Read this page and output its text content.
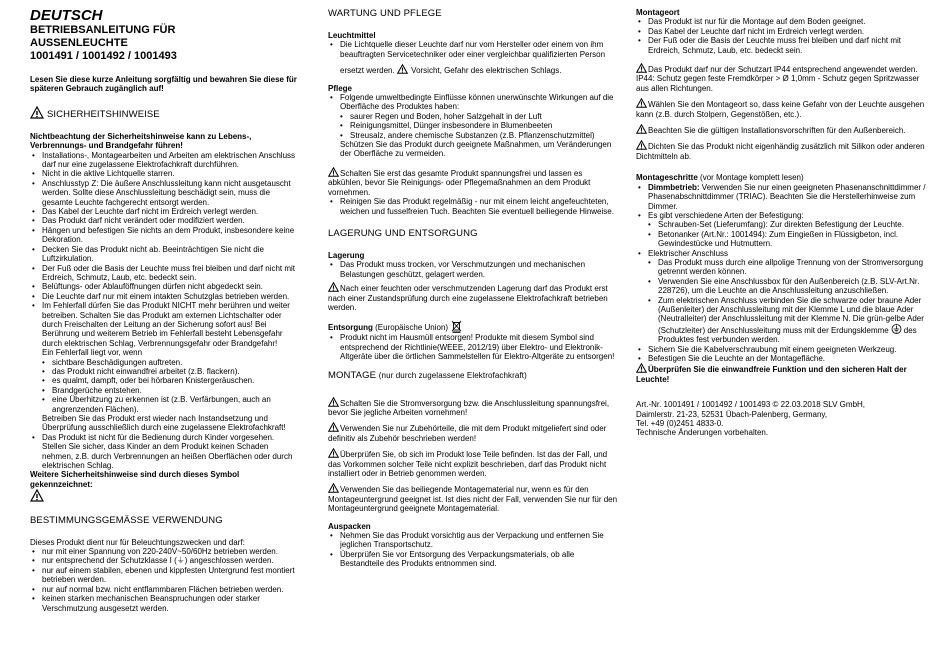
DEUTSCH
BETRIEBSANLEITUNG FÜR
AUSSENLEUCHTE
1001491 / 1001492 / 1001493

Lesen Sie diese kurze Anleitung sorgfältig und bewahren Sie diese für späteren Gebrauch zugänglich auf!

SICHERHEITSHINWEISE

Nichtbeachtung der Sicherheitshinweise kann zu Lebens-, Verbrennungs- und Brandgefahr führen!

• Installations-, Montagearbeiten und Arbeiten am elektrischen Anschluss darf nur eine zugelassene Elektrofachkraft durchführen.
• Nicht in die aktive Lichtquelle starren.
• Anschlusstyp Z: Die äußere Anschlussleitung kann nicht ausgetauscht werden. Sollte diese Anschlussleitung beschädigt sein, muss die gesamte Leuchte fachgerecht entsorgt werden.
• Das Kabel der Leuchte darf nicht im Erdreich verlegt werden.
• Das Produkt darf nicht verändert oder modifiziert werden.
• Hängen und befestigen Sie nichts an dem Produkt, insbesondere keine Dekoration.
• Decken Sie das Produkt nicht ab. Beeinträchtigen Sie nicht die Luftzirkulation.
• Der Fuß oder die Basis der Leuchte muss frei bleiben und darf nicht mit Erdreich, Schmutz, Laub, etc. bedeckt sein.
• Belüftungs- oder Ablauföffnungen dürfen nicht abgedeckt sein.
• Die Leuchte darf nur mit einem intakten Schutzglas betrieben werden.
• Im Fehlerfall dürfen Sie das Produkt NICHT mehr berühren und weiter betreiben. Schalten Sie das Produkt am externen Lichtschalter oder durch Freischalten der Leitung an der Sicherung sofort aus! Bei Berührung und weiterem Betrieb im Fehlerfall besteht Lebensgefahr durch elektrischen Schlag, Verbrennungsgefahr oder Brandgefahr!
Ein Fehlerfall liegt vor, wenn
• sichtbare Beschädigungen auftreten.
• das Produkt nicht einwandfrei arbeitet (z.B. flackern).
• es qualmt, dampft, oder bei hörbaren Knistergeräuschen.
• Brandgerüche entstehen.
• eine Überhitzung zu erkennen ist (z.B. Verfärbungen, auch an angrenzenden Flächen).
Betreiben Sie das Produkt erst wieder nach Instandsetzung und Überprüfung ausschließlich durch eine zugelassene Elektrofachkraft!
• Das Produkt ist nicht für die Bedienung durch Kinder vorgesehen. Stellen Sie sicher, dass Kinder an dem Produkt keinen Schaden nehmen, z.B. durch Verbrennungen an heißen Oberflächen oder durch elektrischen Schlag.

Weitere Sicherheitshinweise sind durch dieses Symbol gekennzeichnet:

BESTIMMUNGSGEMÄSSE VERWENDUNG

Dieses Produkt dient nur für Beleuchtungszwecken und darf:

• nur mit einer Spannung von 220-240V~50/60Hz betrieben werden.
• nur entsprechend der Schutzklasse I (⏚) angeschlossen werden.
• nur auf einem stabilen, ebenen und kippfesten Untergrund fest montiert betrieben werden.
• nur auf normal bzw. nicht entflammbaren Flächen betrieben werden.
• keinen starken mechanischen Beanspruchungen oder starker Verschmutzung ausgesetzt werden.
WARTUNG UND PFLEGE
Leuchtmittel
• Die Lichtquelle dieser Leuchte darf nur vom Hersteller oder einem von ihm beauftragten Servicetechniker oder einer vergleichbar qualifizierten Person
ersetzt werden. Vorsicht, Gefahr des elektrischen Schlags.
Pflege
• Folgende umweltbedingte Einflüsse können unerwünschte Wirkungen auf die Oberfläche des Produktes haben:
• saurer Regen und Boden, hoher Salzgehalt in der Luft
• Reinigungsmittel, Dünger insbesondere in Blumenbeeten
• Streusalz, andere chemische Substanzen (z.B. Pflanzenschutzmittel)
Schützen Sie das Produkt durch geeignete Maßnahmen, um Veränderungen der Oberfläche zu vermeiden.

Schalten Sie erst das gesamte Produkt spannungsfrei und lassen es abkühlen, bevor Sie Reinigungs- oder Pflegemaßnahmen an dem Produkt vornehmen.

• Reinigen Sie das Produkt regelmäßig - nur mit einem leicht angefeuchteten, weichen und fusselfreien Tuch. Beachten Sie eventuell beiliegende Hinweise.
LAGERUNG UND ENTSORGUNG
Lagerung
• Das Produkt muss trocken, vor Verschmutzungen und mechanischen Belastungen geschützt, gelagert werden.

Nach einer feuchten oder verschmutzenden Lagerung darf das Produkt erst nach einer Zustandsprüfung durch eine zugelassene Elektrofachkraft betrieben werden.

Entsorgung (Europäische Union)

• Produkt nicht im Hausmüll entsorgen! Produkte mit diesem Symbol sind entsprechend der Richtlinie(WEEE, 2012/19) über Elektro- und Elektronik-Altgeräte über die örtlichen Sammelstellen für Elektro-Altgeräte zu entsorgen!
MONTAGE (nur durch zugelassene Elektrofachkraft)

Schalten Sie die Stromversorgung bzw. die Anschlussleitung spannungsfrei, bevor Sie jegliche Arbeiten vornehmen!

Verwenden Sie nur Zubehörteile, die mit dem Produkt mitgeliefert sind oder definitiv als Zubehör beschrieben werden!

Überprüfen Sie, ob sich im Produkt lose Teile befinden. Ist das der Fall, und das Vorkommen solcher Teile nicht explizit beschrieben, darf das Produkt nicht installiert oder in Betrieb genommen werden.

Verwenden Sie das beiliegende Montagematerial nur, wenn es für den Montageuntergrund geeignet ist. Ist dies nicht der Fall, verwenden Sie nur für den Montageuntergrund geeignete Montagematerial.

Auspacken
• Nehmen Sie das Produkt vorsichtig aus der Verpackung und entfernen Sie jeglichen Transportschutz.
• Überprüfen Sie vor Entsorgung des Verpackungsmaterials, ob alle Bestandteile des Produkts entnommen sind.
Montageort
• Das Produkt ist nur für die Montage auf dem Boden geeignet.
• Das Kabel der Leuchte darf nicht im Erdreich verlegt werden.
• Der Fuß oder die Basis der Leuchte muss frei bleiben und darf nicht mit Erdreich, Schmutz, Laub, etc. bedeckt sein.

Das Produkt darf nur der Schutzart IP44 entsprechend angewendet werden.

IP44: Schutz gegen feste Fremdkörper > Ø 1,0mm - Schutz gegen Spritzwasser aus allen Richtungen.

Wählen Sie den Montageort so, dass keine Gefahr von der Leuchte ausgehen kann (z.B. durch Stolpern, Gegenstößen, etc.).

Beachten Sie die gültigen Installationsvorschriften für den Außenbereich.

Dichten Sie das Produkt nicht eigenhändig zusätzlich mit Silikon oder anderen Dichtmitteln ab.

Montageschritte (vor Montage komplett lesen)

• Dimmbetrieb: Verwenden Sie nur einen geeigneten Phasenanschnittdimmer / Phasenabschnittdimmer (TRIAC). Beachten Sie die Herstellerhinweise zum Dimmer.
• Es gibt verschiedene Arten der Befestigung:
• Schrauben-Set (Lieferumfang): Zur direkten Befestigung der Leuchte.
• Betonanker (Art.Nr.: 1001494): Zum Eingießen in Flüssigbeton, incl. Gewindestücke und Hutmuttern.
• Elektrischer Anschluss
• Das Produkt muss durch eine allpolige Trennung von der Stromversorgung getrennt werden können.
• Verwenden Sie eine Anschlussbox für den Außenbereich (z.B. SLV-Art.Nr. 228726), um die Leuchte an die Anschlussleitung anzuschließen.
• Zum elektrischen Anschluss verbinden Sie die schwarze oder braune Ader (Außenleiter) der Anschlussleitung mit der Klemme L und die blaue Ader (Neutralleiter) der Anschlussleitung mit der Klemme N. Die grün-gelbe Ader (Schutzleiter) der Anschlussleitung muss mit der Erdungsklemme des Produktes fest verbunden werden.
• Sichern Sie die Kabelverschraubung mit einem geeigneten Werkzeug.
• Befestigen Sie die Leuchte an der Montagefläche.

Überprüfen Sie die einwandfreie Funktion und den sicheren Halt der Leuchte!

Art.-Nr. 1001491 / 1001492 / 1001493 © 22.03.2018 SLV GmbH,

Daimlerstr. 21-23, 52531 Übach-Palenberg, Germany,

Tel. +49 (0)2451 4833-0.

Technische Änderungen vorbehalten.
